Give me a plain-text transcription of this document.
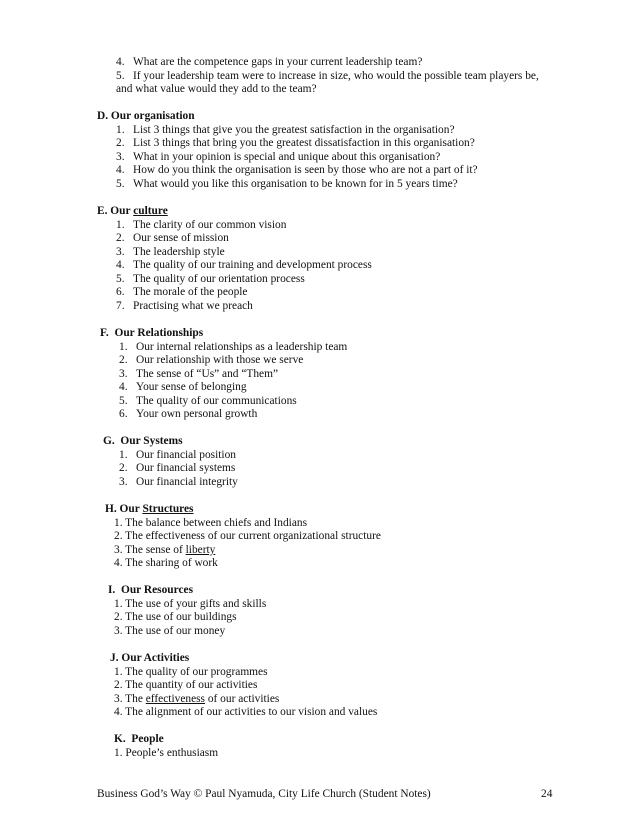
4. What are the competence gaps in your current leadership team?
5. If your leadership team were to increase in size, who would the possible team players be,
and what value would they add to the team?
D. Our organisation
1. List 3 things that give you the greatest satisfaction in the organisation?
2. List 3 things that bring you the greatest dissatisfaction in this organisation?
3. What in your opinion is special and unique about this organisation?
4. How do you think the organisation is seen by those who are not a part of it?
5. What would you like this organisation to be known for in 5 years time?
E. Our culture
1. The clarity of our common vision
2. Our sense of mission
3. The leadership style
4. The quality of our training and development process
5. The quality of our orientation process
6. The morale of the people
7. Practising what we preach
F.  Our Relationships
1. Our internal relationships as a leadership team
2. Our relationship with those we serve
3. The sense of “Us” and “Them”
4. Your sense of belonging
5. The quality of our communications
6. Your own personal growth
G.  Our Systems
1. Our financial position
2. Our financial systems
3. Our financial integrity
H. Our Structures
1. The balance between chiefs and Indians
2. The effectiveness of our current organizational structure
3. The sense of liberty
4. The sharing of work
I.  Our Resources
1. The use of your gifts and skills
2. The use of our buildings
3. The use of our money
J. Our Activities
1. The quality of our programmes
2. The quantity of our activities
3. The effectiveness of our activities
4. The alignment of our activities to our vision and values
K.  People
1. People’s enthusiasm
Business God’s Way © Paul Nyamuda, City Life Church (Student Notes)	24
